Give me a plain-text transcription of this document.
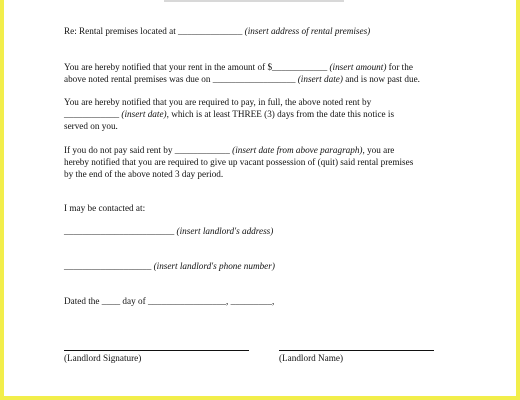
Re: Rental premises located at ______________ (insert address of rental premises)

You are hereby notified that your rent in the amount of $____________ (insert amount) for the
above noted rental premises was due on __________________ (insert date) and is now past due.
You are hereby notified that you are required to pay, in full, the above noted rent by
____________ (insert date), which is at least THREE (3) days from the date this notice is
served on you.
If you do not pay said rent by ____________ (insert date from above paragraph), you are
hereby notified that you are required to give up vacant possession of (quit) said rental premises
by the end of the above noted 3 day period.

I may be contacted at:

________________________ (insert landlord's address)

___________________ (insert landlord's phone number)

Dated the ____ day of _________________, _________,

(Landlord Signature)	(Landlord Name)
